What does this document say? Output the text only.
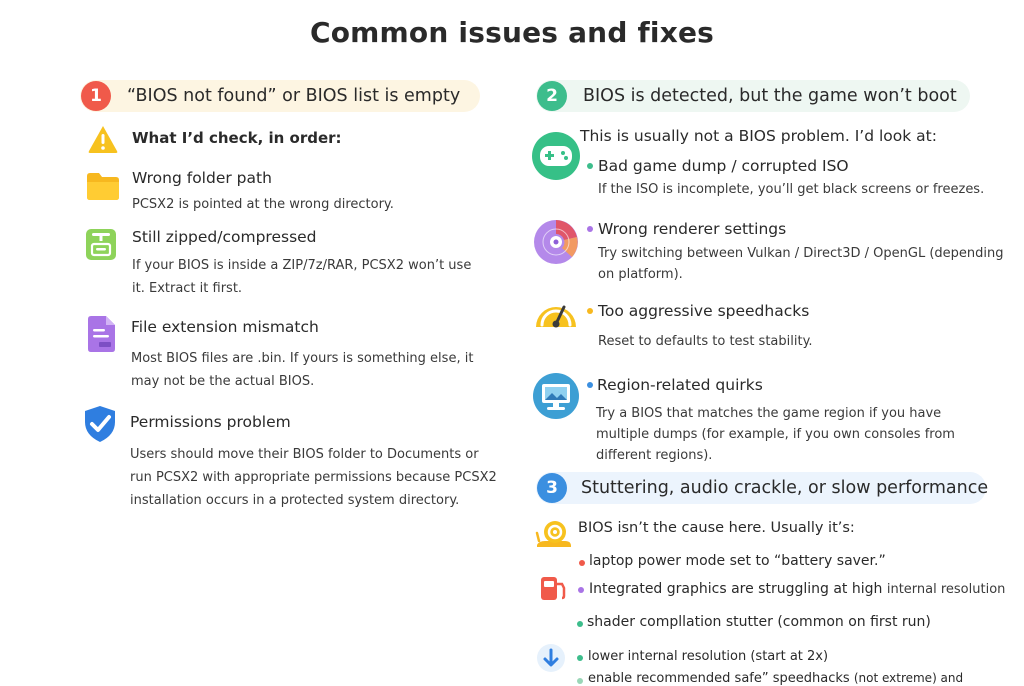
Common issues and fixes
1	“BIOS not found” or BIOS list is empty
What I’d check, in order:
Wrong folder path
PCSX2 is pointed at the wrong directory.
Still zipped/compressed
If your BIOS is inside a ZIP/7z/RAR, PCSX2 won’t use it. Extract it first.
File extension mismatch
Most BIOS files are .bin. If yours is something else, it may not be the actual BIOS.
Permissions problem
Users should move their BIOS folder to Documents or run PCSX2 with appropriate permissions because PCSX2 installation occurs in a protected system directory.
2	BIOS is detected, but the game won’t boot
This is usually not a BIOS problem. I’d look at:
Bad game dump / corrupted ISO
If the ISO is incomplete, you’ll get black screens or freezes.
Wrong renderer settings
Try switching between Vulkan / Direct3D / OpenGL (depending on platform).
Too aggressive speedhacks
Reset to defaults to test stability.
Region-related quirks
Try a BIOS that matches the game region if you have multiple dumps (for example, if you own consoles from different regions).
3	Stuttering, audio crackle, or slow performance
BIOS isn’t the cause here. Usually it’s:
laptop power mode set to “battery saver.”
Integrated graphics are struggling at high internal resolution
shader compllation stutter (common on first run)
lower internal resolution (start at 2x)
enable recommended safe” speedhacks (not extreme) and
